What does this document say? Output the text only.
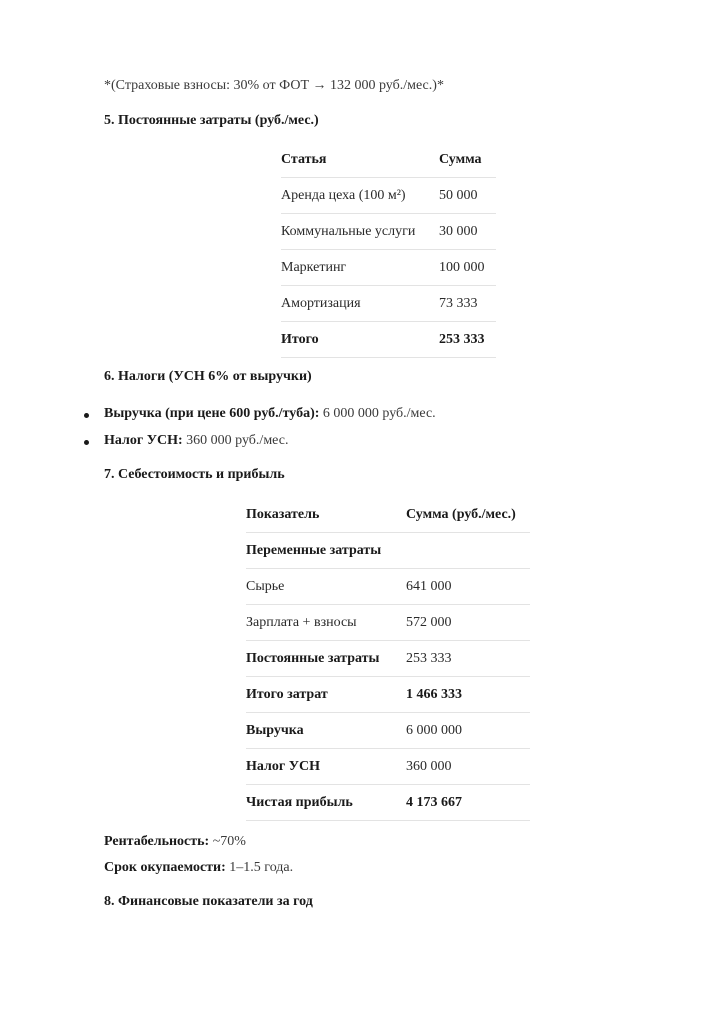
*(Страховые взносы: 30% от ФОТ → 132 000 руб./мес.)*
5. Постоянные затраты (руб./мес.)
Статья	Сумма
Аренда цеха (100 м²)	50 000
Коммунальные услуги	30 000
Маркетинг	100 000
Амортизация	73 333
Итого	253 333
6. Налоги (УСН 6% от выручки)
Выручка (при цене 600 руб./туба): 6 000 000 руб./мес.
Налог УСН: 360 000 руб./мес.
7. Себестоимость и прибыль
Показатель	Сумма (руб./мес.)
Переменные затраты	
Сырье	641 000
Зарплата + взносы	572 000
Постоянные затраты	253 333
Итого затрат	1 466 333
Выручка	6 000 000
Налог УСН	360 000
Чистая прибыль	4 173 667
Рентабельность: ~70%
Срок окупаемости: 1–1.5 года.
8. Финансовые показатели за год
